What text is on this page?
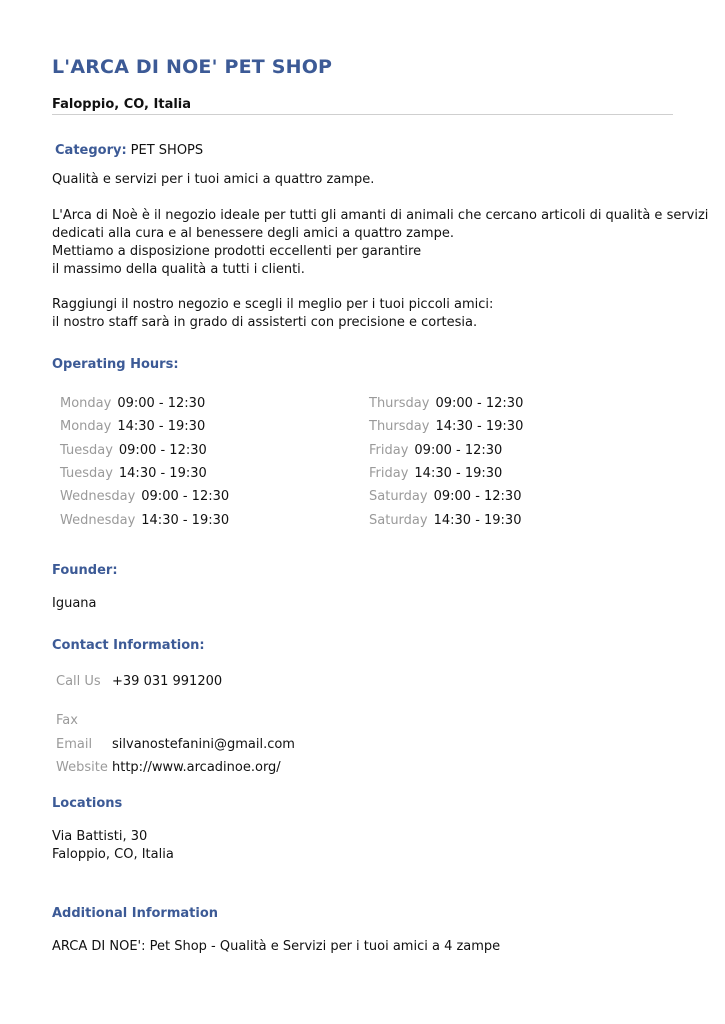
L'ARCA DI NOE' PET SHOP
Faloppio, CO, Italia
Category: PET SHOPS
Qualità e servizi per i tuoi amici a quattro zampe.
L'Arca di Noè è il negozio ideale per tutti gli amanti di animali che cercano articoli di qualità e servizi
dedicati alla cura e al benessere degli amici a quattro zampe.
Mettiamo a disposizione prodotti eccellenti per garantire
il massimo della qualità a tutti i clienti.
Raggiungi il nostro negozio e scegli il meglio per i tuoi piccoli amici:
il nostro staff sarà in grado di assisterti con precisione e cortesia.
Operating Hours:
Monday 09:00 - 12:30
Monday 14:30 - 19:30
Tuesday 09:00 - 12:30
Tuesday 14:30 - 19:30
Wednesday 09:00 - 12:30
Wednesday 14:30 - 19:30
Thursday 09:00 - 12:30
Thursday 14:30 - 19:30
Friday 09:00 - 12:30
Friday 14:30 - 19:30
Saturday 09:00 - 12:30
Saturday 14:30 - 19:30
Founder:
Iguana
Contact Information:
Call Us +39 031 991200
Fax
Email silvanostefanini@gmail.com
Website http://www.arcadinoe.org/
Locations
Via Battisti, 30
Faloppio, CO, Italia
Additional Information
ARCA DI NOE': Pet Shop - Qualità e Servizi per i tuoi amici a 4 zampe
